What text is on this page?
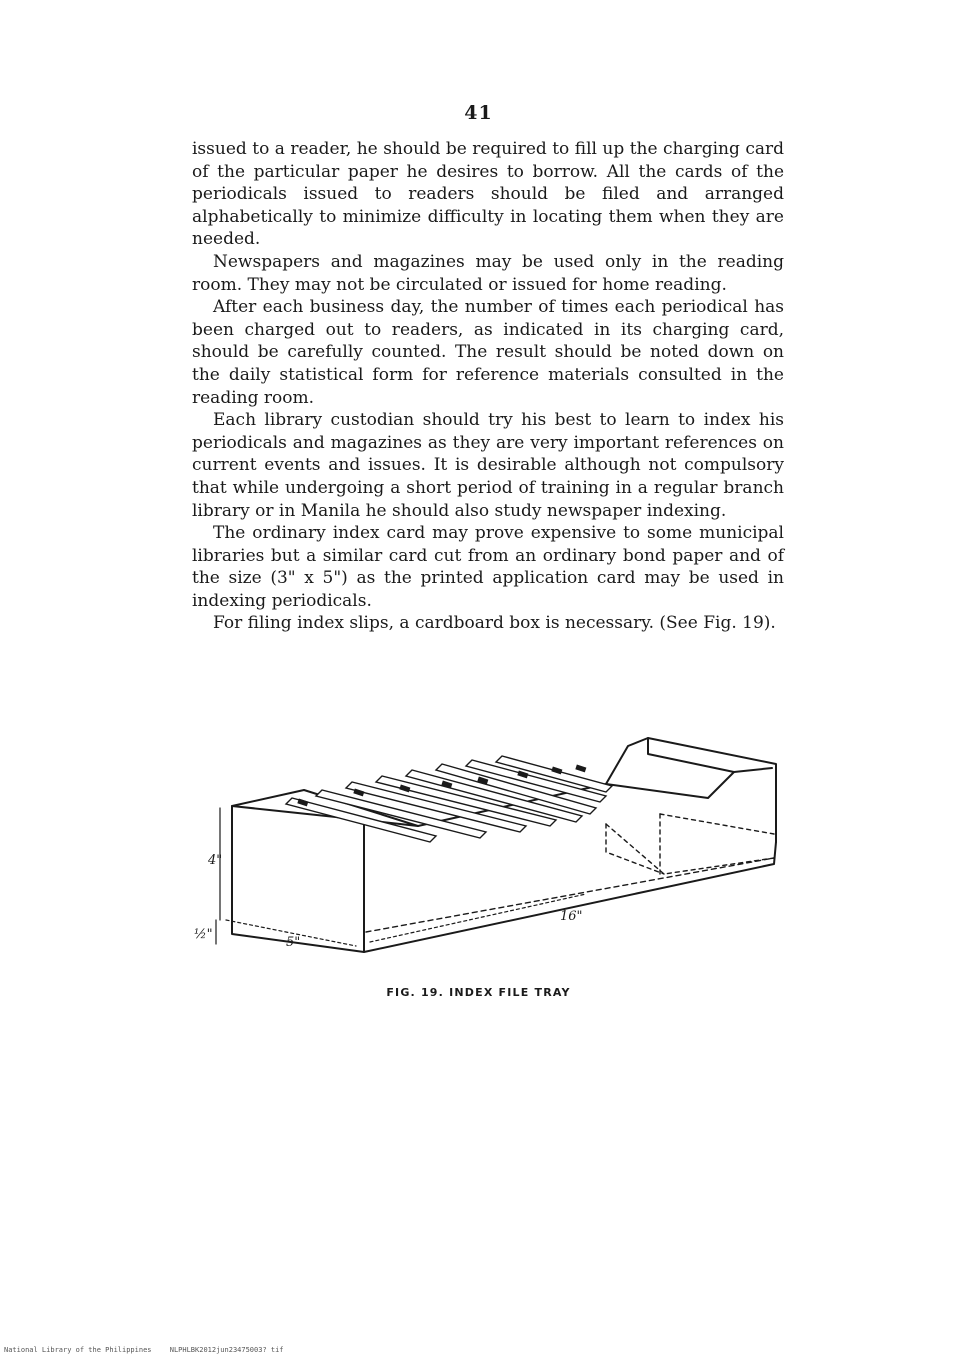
41

issued to a reader, he should be required to fill up the charging card of the particular paper he desires to borrow. All the cards of the periodicals issued to readers should be filed and arranged alphabetically to minimize difficulty in locating them when they are needed.

Newspapers and magazines may be used only in the reading room. They may not be circulated or issued for home reading.

After each business day, the number of times each periodical has been charged out to readers, as indicated in its charging card, should be carefully counted. The result should be noted down on the daily statistical form for reference materials consulted in the reading room.

Each library custodian should try his best to learn to index his periodicals and magazines as they are very important references on current events and issues. It is desirable although not compulsory that while undergoing a short period of training in a regular branch library or in Manila he should also study newspaper indexing.

The ordinary index card may prove expensive to some municipal libraries but a similar card cut from an ordinary bond paper and of the size (3" x 5") as the printed application card may be used in indexing periodicals.

For filing index slips, a cardboard box is necessary. (See Fig. 19).

4"
5"
16"
½"
FIG. 19. INDEX FILE TRAY
National Library of the Philippines	NLPHLBK2012jun23475003? tif
